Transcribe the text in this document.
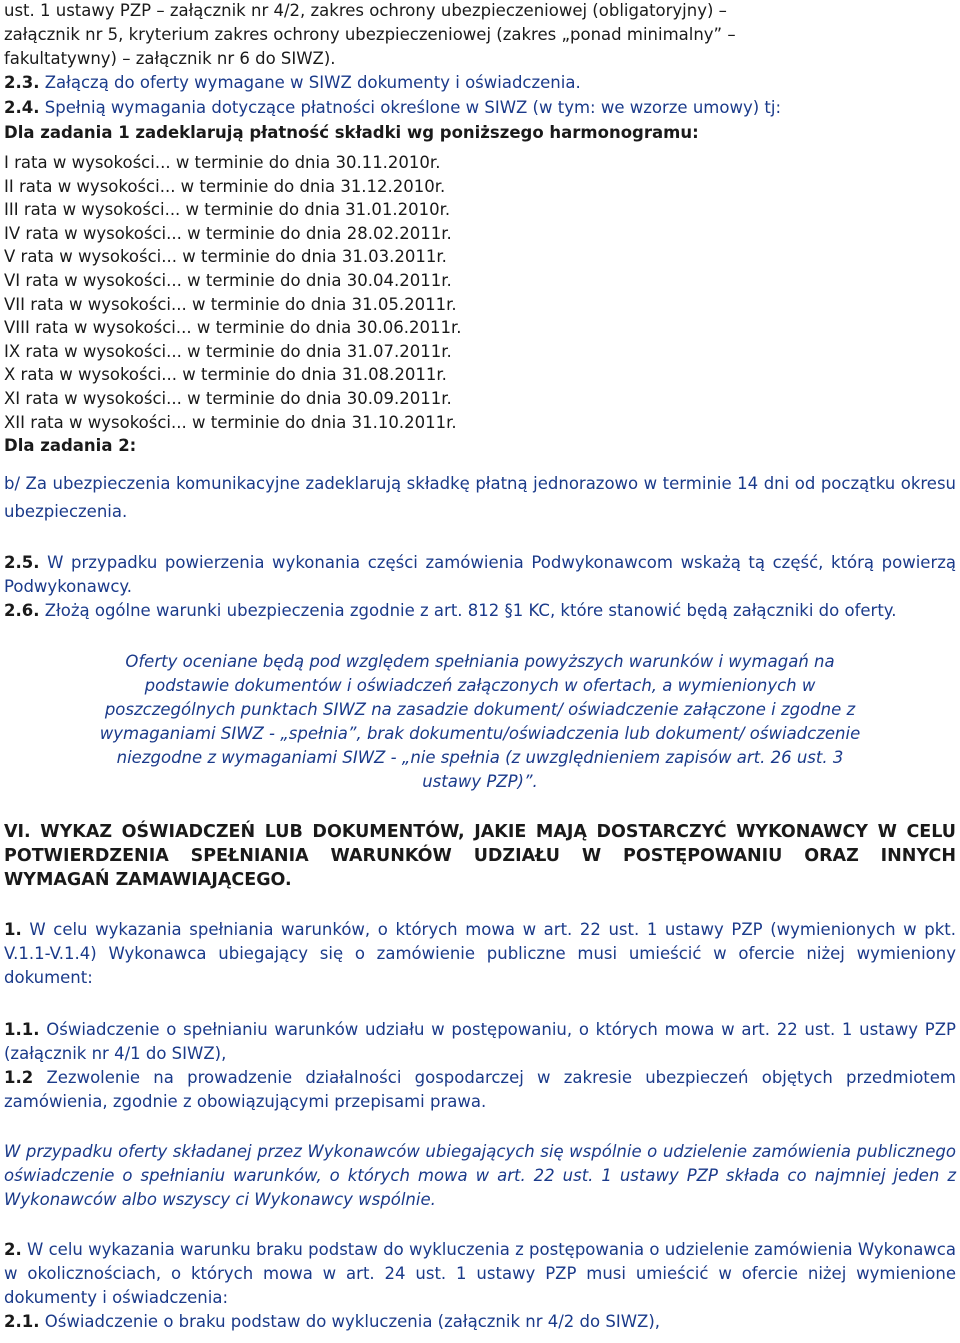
ust. 1 ustawy PZP – załącznik nr 4/2, zakres ochrony ubezpieczeniowej (obligatoryjny) –

załącznik nr 5, kryterium zakres ochrony ubezpieczeniowej (zakres „ponad minimalny” –

fakultatywny) – załącznik nr 6 do SIWZ).

2.3. Załączą do oferty wymagane w SIWZ dokumenty i oświadczenia.

2.4. Spełnią wymagania dotyczące płatności określone w SIWZ (w tym: we wzorze umowy) tj:

Dla zadania 1 zadeklarują płatność składki wg poniższego harmonogramu:

I rata w wysokości... w terminie do dnia 30.11.2010r.

II rata w wysokości... w terminie do dnia 31.12.2010r.

III rata w wysokości... w terminie do dnia 31.01.2010r.

IV rata w wysokości... w terminie do dnia 28.02.2011r.

V rata w wysokości... w terminie do dnia 31.03.2011r.

VI rata w wysokości... w terminie do dnia 30.04.2011r.

VII rata w wysokości... w terminie do dnia 31.05.2011r.

VIII rata w wysokości... w terminie do dnia 30.06.2011r.

IX rata w wysokości... w terminie do dnia 31.07.2011r.

X rata w wysokości... w terminie do dnia 31.08.2011r.

XI rata w wysokości... w terminie do dnia 30.09.2011r.

XII rata w wysokości... w terminie do dnia 31.10.2011r.

Dla zadania 2:

b/ Za ubezpieczenia komunikacyjne zadeklarują składkę płatną jednorazowo w terminie 14 dni od początku okresu ubezpieczenia.

2.5. W przypadku powierzenia wykonania części zamówienia Podwykonawcom wskażą tą część, którą powierzą Podwykonawcy.

2.6. Złożą ogólne warunki ubezpieczenia zgodnie z art. 812 §1 KC, które stanowić będą załączniki do oferty.

Oferty oceniane będą pod względem spełniania powyższych warunków i wymagań na

podstawie dokumentów i oświadczeń załączonych w ofertach, a wymienionych w

poszczególnych punktach SIWZ na zasadzie dokument/ oświadczenie załączone i zgodne z

wymaganiami SIWZ - „spełnia”, brak dokumentu/oświadczenia lub dokument/ oświadczenie

niezgodne z wymaganiami SIWZ - „nie spełnia (z uwzględnieniem zapisów art. 26 ust. 3

ustawy PZP)”.

VI. WYKAZ OŚWIADCZEŃ LUB DOKUMENTÓW, JAKIE MAJĄ DOSTARCZYĆ WYKONAWCY W CELU POTWIERDZENIA SPEŁNIANIA WARUNKÓW UDZIAŁU W POSTĘPOWANIU ORAZ INNYCH WYMAGAŃ ZAMAWIAJĄCEGO.

1. W celu wykazania spełniania warunków, o których mowa w art. 22 ust. 1 ustawy PZP (wymienionych w pkt. V.1.1-V.1.4) Wykonawca ubiegający się o zamówienie publiczne musi umieścić w ofercie niżej wymieniony dokument:

1.1. Oświadczenie o spełnianiu warunków udziału w postępowaniu, o których mowa w art. 22 ust. 1 ustawy PZP (załącznik nr 4/1 do SIWZ),

1.2 Zezwolenie na prowadzenie działalności gospodarczej w zakresie ubezpieczeń objętych przedmiotem zamówienia, zgodnie z obowiązującymi przepisami prawa.

W przypadku oferty składanej przez Wykonawców ubiegających się wspólnie o udzielenie zamówienia publicznego oświadczenie o spełnianiu warunków, o których mowa w art. 22 ust. 1 ustawy PZP składa co najmniej jeden z Wykonawców albo wszyscy ci Wykonawcy wspólnie.

2. W celu wykazania warunku braku podstaw do wykluczenia z postępowania o udzielenie zamówienia Wykonawca w okolicznościach, o których mowa w art. 24 ust. 1 ustawy PZP musi umieścić w ofercie niżej wymienione dokumenty i oświadczenia:

2.1. Oświadczenie o braku podstaw do wykluczenia (załącznik nr 4/2 do SIWZ),
